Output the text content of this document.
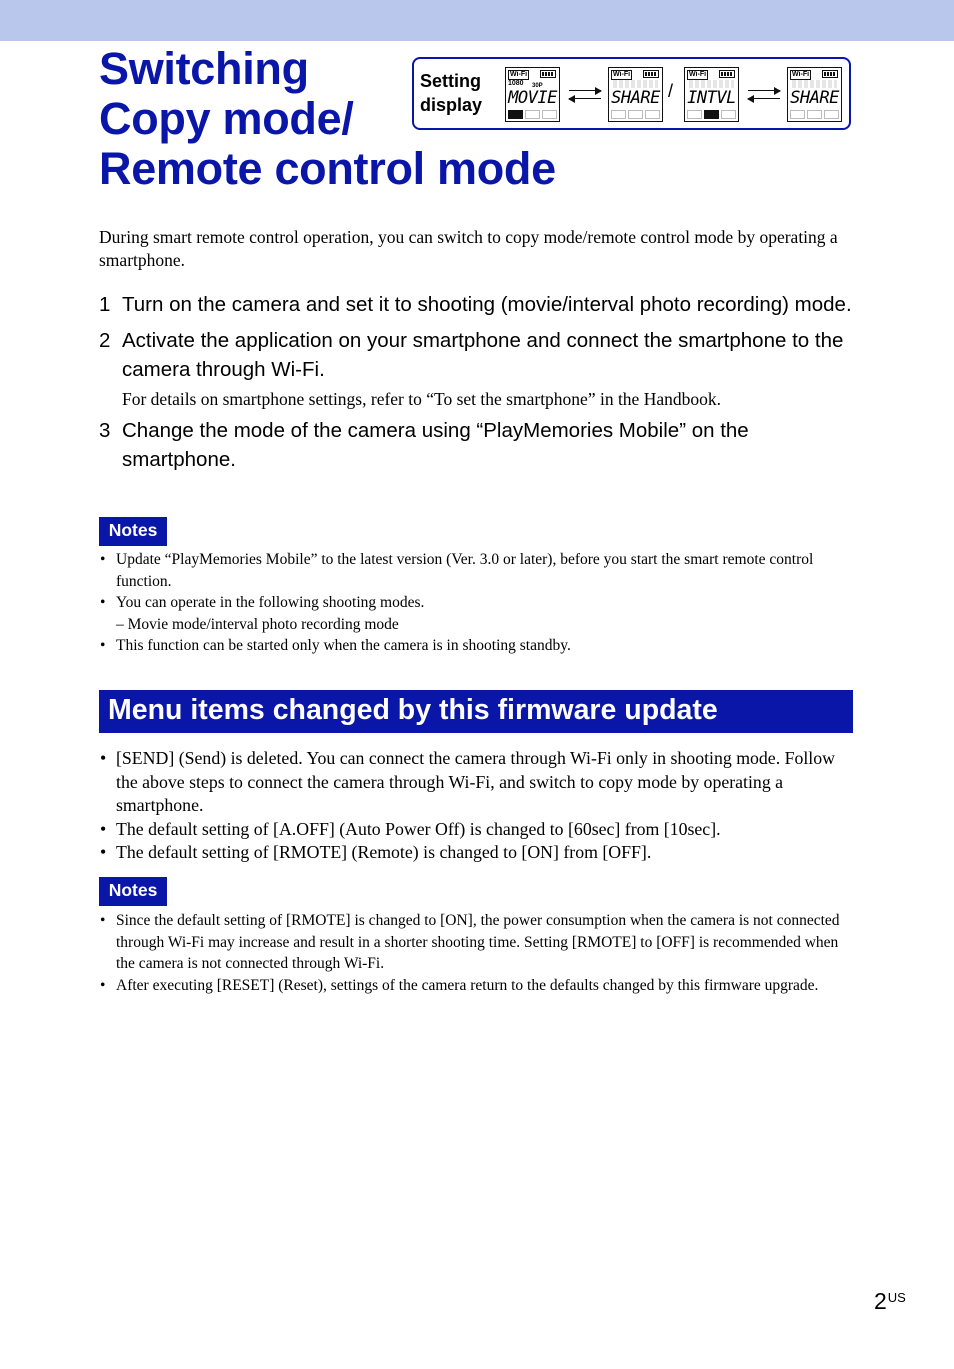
Switching
Copy mode/
Remote control mode
Setting
display
Wi-Fi
1080 30P
MOVIE
Wi-Fi
SHARE /
Wi-Fi
INTVL
Wi-Fi
SHARE

During smart remote control operation, you can switch to copy mode/remote control mode by operating a smartphone.

1 Turn on the camera and set it to shooting (movie/interval photo recording) mode.
2 Activate the application on your smartphone and connect the smartphone to the camera through Wi-Fi.
For details on smartphone settings, refer to “To set the smartphone” in the Handbook.
3 Change the mode of the camera using “PlayMemories Mobile” on the smartphone.
Notes
• Update “PlayMemories Mobile” to the latest version (Ver. 3.0 or later), before you start the smart remote control function.
• You can operate in the following shooting modes.
– Movie mode/interval photo recording mode
• This function can be started only when the camera is in shooting standby.
Menu items changed by this firmware update
• [SEND] (Send) is deleted. You can connect the camera through Wi-Fi only in shooting mode. Follow the above steps to connect the camera through Wi-Fi, and switch to copy mode by operating a smartphone.
• The default setting of [A.OFF] (Auto Power Off) is changed to [60sec] from [10sec].
• The default setting of [RMOTE] (Remote) is changed to [ON] from [OFF].
Notes
• Since the default setting of [RMOTE] is changed to [ON], the power consumption when the camera is not connected through Wi-Fi may increase and result in a shorter shooting time. Setting [RMOTE] to [OFF] is recommended when the camera is not connected through Wi-Fi.
• After executing [RESET] (Reset), settings of the camera return to the defaults changed by this firmware upgrade.
$2^{US}$
